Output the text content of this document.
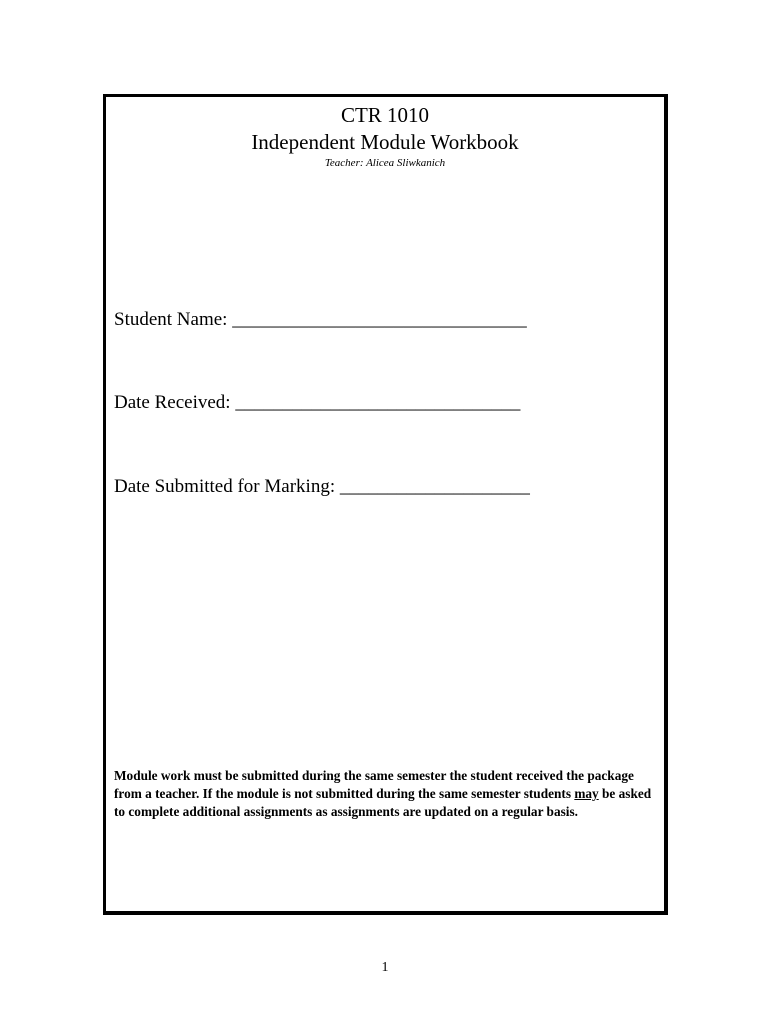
CTR 1010
Independent Module Workbook
Teacher: Alicea Sliwkanich
Student Name: _______________________________
Date Received: ______________________________
Date Submitted for Marking: ____________________
Module work must be submitted during the same semester the student received the package from a teacher. If the module is not submitted during the same semester students may be asked to complete additional assignments as assignments are updated on a regular basis.
1
